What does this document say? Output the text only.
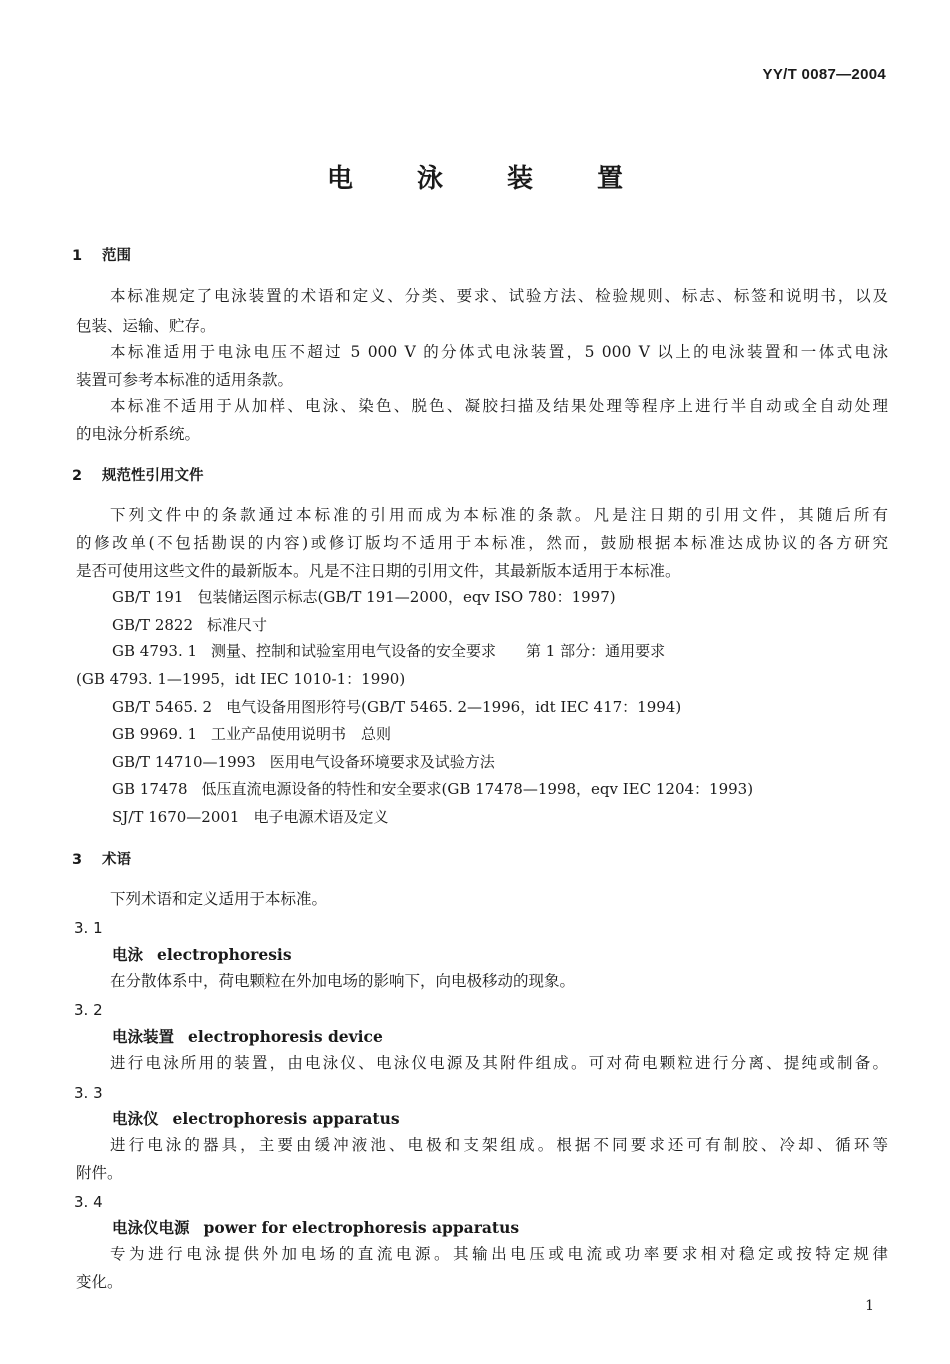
YY/T 0087—2004
电泳装置
1 范围
本标准规定了电泳装置的术语和定义、分类、要求、试验方法、检验规则、标志、标签和说明书，以及
包装、运输、贮存。
本标准适用于电泳电压不超过 5 000 V 的分体式电泳装置，5 000 V 以上的电泳装置和一体式电泳
装置可参考本标准的适用条款。
本标准不适用于从加样、电泳、染色、脱色、凝胶扫描及结果处理等程序上进行半自动或全自动处理
的电泳分析系统。
2 规范性引用文件
下列文件中的条款通过本标准的引用而成为本标准的条款。凡是注日期的引用文件，其随后所有
的修改单(不包括勘误的内容)或修订版均不适用于本标准，然而，鼓励根据本标准达成协议的各方研究
是否可使用这些文件的最新版本。凡是不注日期的引用文件，其最新版本适用于本标准。
GB/T 191 包装储运图示标志(GB/T 191—2000，eqv ISO 780：1997)
GB/T 2822 标准尺寸
GB 4793. 1 测量、控制和试验室用电气设备的安全要求　　第 1 部分：通用要求
(GB 4793. 1—1995，idt IEC 1010-1：1990)
GB/T 5465. 2 电气设备用图形符号(GB/T 5465. 2—1996，idt IEC 417：1994)
GB 9969. 1 工业产品使用说明书　总则
GB/T 14710—1993 医用电气设备环境要求及试验方法
GB 17478 低压直流电源设备的特性和安全要求(GB 17478—1998，eqv IEC 1204：1993)
SJ/T 1670—2001 电子电源术语及定义
3 术语
下列术语和定义适用于本标准。
3. 1
电泳 electrophoresis
在分散体系中，荷电颗粒在外加电场的影响下，向电极移动的现象。
3. 2
电泳装置 electrophoresis device
进行电泳所用的装置，由电泳仪、电泳仪电源及其附件组成。可对荷电颗粒进行分离、提纯或制备。
3. 3
电泳仪 electrophoresis apparatus
进行电泳的器具，主要由缓冲液池、电极和支架组成。根据不同要求还可有制胶、冷却、循环等
附件。
3. 4
电泳仪电源 power for electrophoresis apparatus
专为进行电泳提供外加电场的直流电源。其输出电压或电流或功率要求相对稳定或按特定规律
变化。
1
